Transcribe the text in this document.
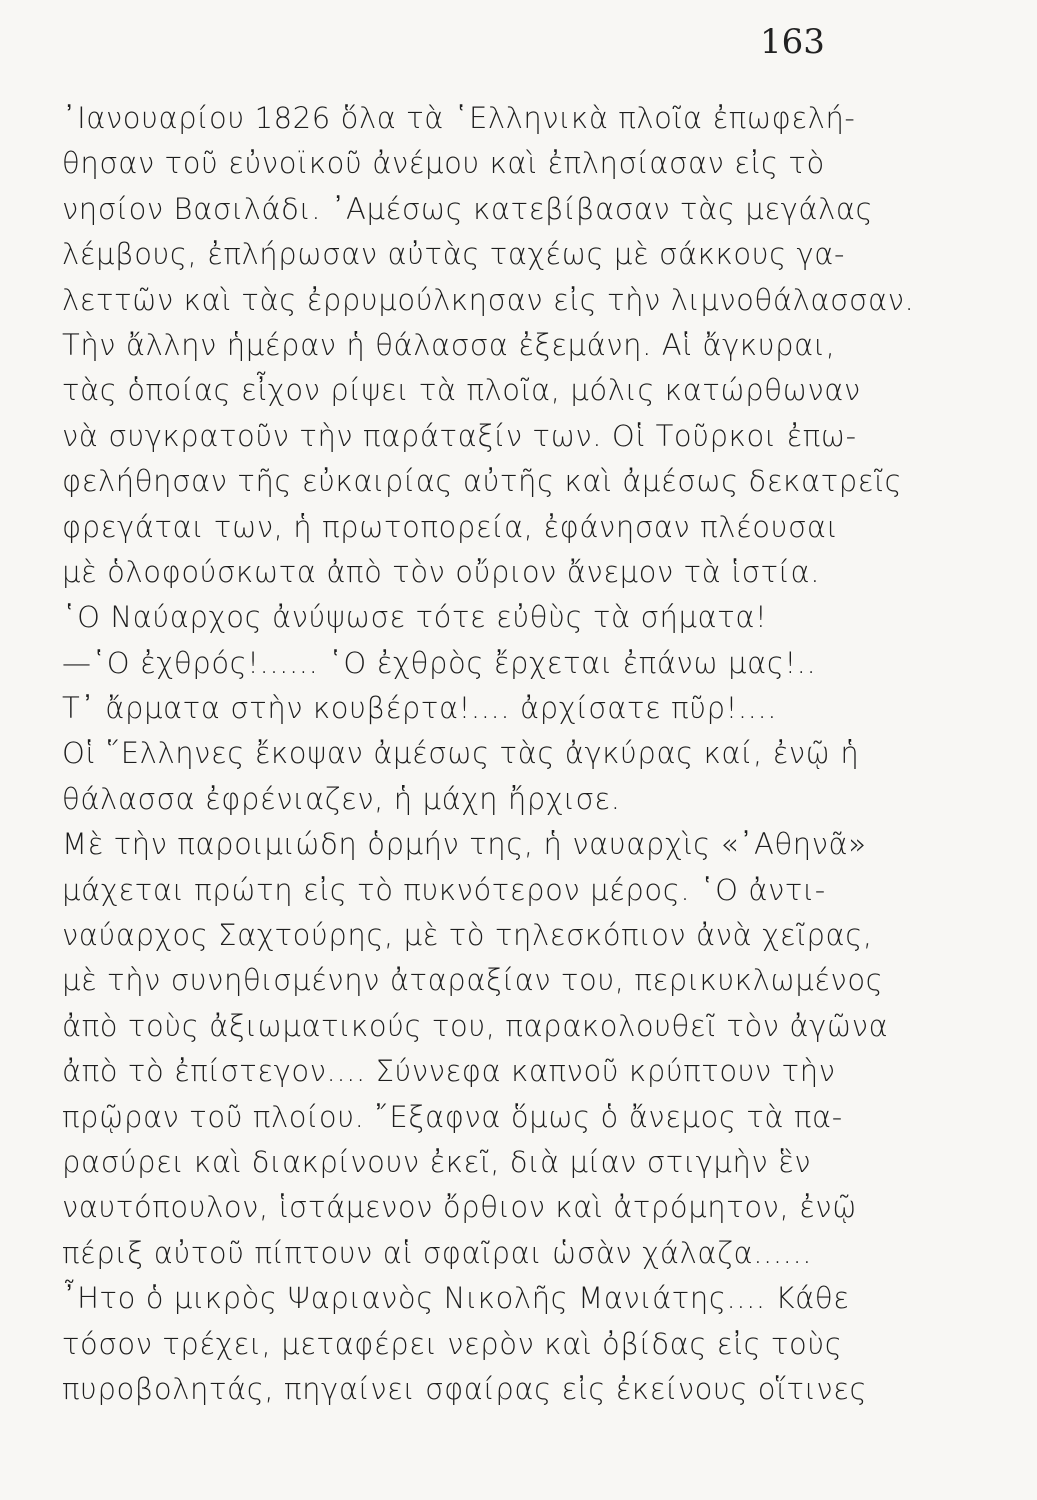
163
᾿Ιανουαρίου 1826 ὅλα τὰ ῾Ελληνικὰ πλοῖα ἐπωφελή-
θησαν τοῦ εὐνοϊκοῦ ἀνέμου καὶ ἐπλησίασαν εἰς τὸ
νησίον Βασιλάδι. ᾿Αμέσως κατεβίβασαν τὰς μεγάλας
λέμβους, ἐπλήρωσαν αὐτὰς ταχέως μὲ σάκκους γα-
λεττῶν καὶ τὰς ἐρρυμούλκησαν εἰς τὴν λιμνοθάλασσαν.
Τὴν ἄλλην ἡμέραν ἡ θάλασσα ἐξεμάνη. Αἱ ἄγκυραι,
τὰς ὁποίας εἶχον ρίψει τὰ πλοῖα, μόλις κατώρθωναν
νὰ συγκρατοῦν τὴν παράταξίν των. Οἱ Τοῦρκοι ἐπω-
φελήθησαν τῆς εὐκαιρίας αὐτῆς καὶ ἀμέσως δεκατρεῖς
φρεγάται των, ἡ πρωτοπορεία, ἐφάνησαν πλέουσαι
μὲ ὁλοφούσκωτα ἀπὸ τὸν οὔριον ἄνεμον τὰ ἱστία.
῾Ο Ναύαρχος ἀνύψωσε τότε εὐθὺς τὰ σήματα!
—῾Ο ἐχθρός!...... ῾Ο ἐχθρὸς ἔρχεται ἐπάνω μας!..
Τ᾿ ἄρματα στὴν κουβέρτα!.... ἀρχίσατε πῦρ!....
Οἱ ῞Ελληνες ἔκοψαν ἀμέσως τὰς ἀγκύρας καί, ἐνῷ ἡ
θάλασσα ἐφρένιαζεν, ἡ μάχη ἤρχισε.
Μὲ τὴν παροιμιώδη ὁρμήν της, ἡ ναυαρχὶς «᾿Αθηνᾶ»
μάχεται πρώτη εἰς τὸ πυκνότερον μέρος. ῾Ο ἀντι-
ναύαρχος Σαχτούρης, μὲ τὸ τηλεσκόπιον ἀνὰ χεῖρας,
μὲ τὴν συνηθισμένην ἀταραξίαν του, περικυκλωμένος
ἀπὸ τοὺς ἀξιωματικούς του, παρακολουθεῖ τὸν ἀγῶνα
ἀπὸ τὸ ἐπίστεγον.... Σύννεφα καπνοῦ κρύπτουν τὴν
πρῷραν τοῦ πλοίου. ῎Εξαφνα ὅμως ὁ ἄνεμος τὰ πα-
ρασύρει καὶ διακρίνουν ἐκεῖ, διὰ μίαν στιγμὴν ἓν
ναυτόπουλον, ἱστάμενον ὄρθιον καὶ ἀτρόμητον, ἐνῷ
πέριξ αὐτοῦ πίπτουν αἱ σφαῖραι ὡσὰν χάλαζα......
῏Ητο ὁ μικρὸς Ψαριανὸς Νικολῆς Μανιάτης.... Κάθε
τόσον τρέχει, μεταφέρει νερὸν καὶ ὀβίδας εἰς τοὺς
πυροβολητάς, πηγαίνει σφαίρας εἰς ἐκείνους οἵτινες
